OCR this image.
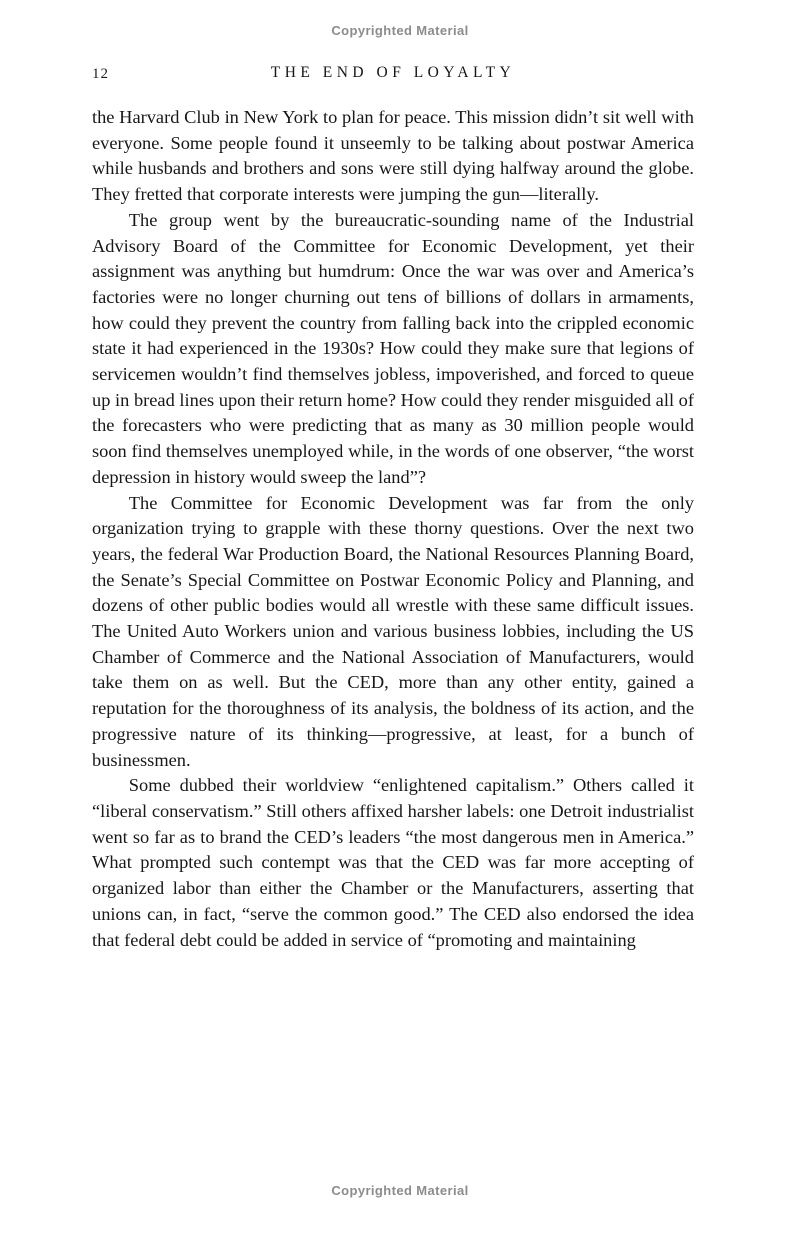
Copyrighted Material
12	THE END OF LOYALTY

the Harvard Club in New York to plan for peace. This mission didn’t sit well with everyone. Some people found it unseemly to be talking about postwar America while husbands and brothers and sons were still dying halfway around the globe. They fretted that corporate interests were jumping the gun—literally.

The group went by the bureaucratic-sounding name of the Industrial Advisory Board of the Committee for Economic Development, yet their assignment was anything but humdrum: Once the war was over and America’s factories were no longer churning out tens of billions of dollars in armaments, how could they prevent the country from falling back into the crippled economic state it had experienced in the 1930s? How could they make sure that legions of servicemen wouldn’t find themselves jobless, impoverished, and forced to queue up in bread lines upon their return home? How could they render misguided all of the forecasters who were predicting that as many as 30 million people would soon find themselves unemployed while, in the words of one observer, “the worst depression in history would sweep the land”?

The Committee for Economic Development was far from the only organization trying to grapple with these thorny questions. Over the next two years, the federal War Production Board, the National Resources Planning Board, the Senate’s Special Committee on Postwar Economic Policy and Planning, and dozens of other public bodies would all wrestle with these same difficult issues. The United Auto Workers union and various business lobbies, including the US Chamber of Commerce and the National Association of Manufacturers, would take them on as well. But the CED, more than any other entity, gained a reputation for the thoroughness of its analysis, the boldness of its action, and the progressive nature of its thinking—progressive, at least, for a bunch of businessmen.

Some dubbed their worldview “enlightened capitalism.” Others called it “liberal conservatism.” Still others affixed harsher labels: one Detroit industrialist went so far as to brand the CED’s leaders “the most dangerous men in America.” What prompted such contempt was that the CED was far more accepting of organized labor than either the Chamber or the Manufacturers, asserting that unions can, in fact, “serve the common good.” The CED also endorsed the idea that federal debt could be added in service of “promoting and maintaining

Copyrighted Material
